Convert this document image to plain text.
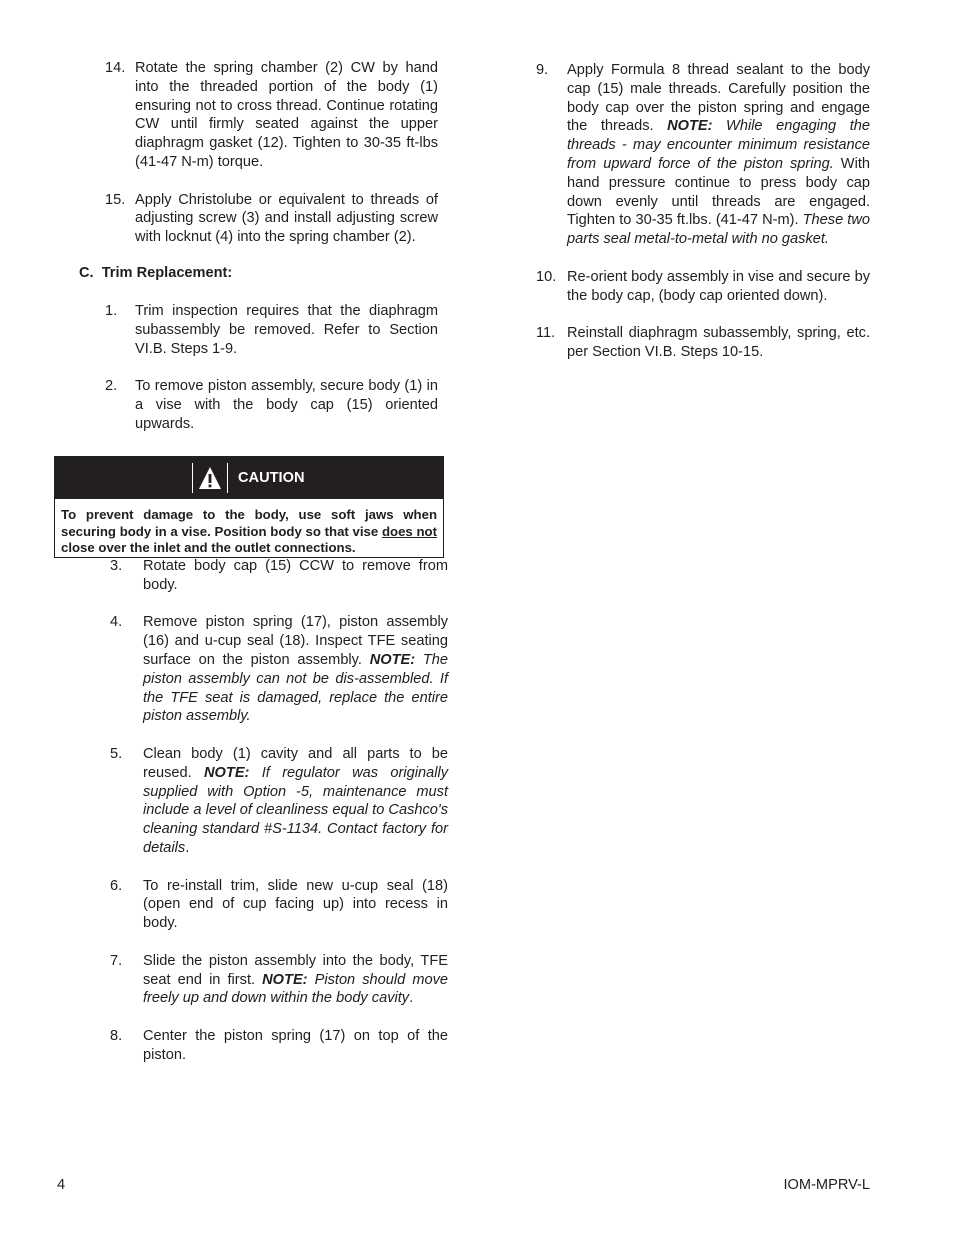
14. Rotate the spring chamber (2) CW by hand into the threaded portion of the body (1) ensuring not to cross thread. Continue rotating CW until firmly seated against the upper diaphragm gasket (12). Tighten to 30-35 ft-lbs (41-47 N-m) torque.
15. Apply Christolube or equivalent to threads of adjusting screw (3) and install adjusting screw with locknut (4) into the spring chamber (2).
C.  Trim Replacement:
1. Trim inspection requires that the diaphragm subassembly be removed. Refer to Section VI.B. Steps 1-9.
2. To remove piston assembly, secure body (1) in a vise with the body cap (15) oriented upwards.
CAUTION
To prevent damage to the body, use soft jaws when securing body in a vise. Position body so that vise does not close over the inlet and the outlet connections.
3. Rotate body cap (15) CCW to remove from body.
4. Remove piston spring (17), piston assembly (16) and u-cup seal (18). Inspect TFE seating surface on the piston assembly. NOTE: The piston assembly can not be dis-assembled. If the TFE seat is damaged, replace the entire piston assembly.
5. Clean body (1) cavity and all parts to be reused. NOTE: If regulator was originally supplied with Option -5, maintenance must include a level of cleanliness equal to Cashco's cleaning standard #S-1134. Contact factory for details.
6. To re-install trim, slide new u-cup seal (18) (open end of cup facing up) into recess in body.
7. Slide the piston assembly into the body, TFE seat end in first. NOTE: Piston should move freely up and down within the body cavity.
8. Center the piston spring (17) on top of the piston.
9. Apply Formula 8 thread sealant to the body cap (15) male threads. Carefully position the body cap over the piston spring and engage the threads. NOTE: While engaging the threads - may encounter minimum resistance from upward force of the piston spring. With hand pressure continue to press body cap down evenly until threads are engaged. Tighten to 30-35 ft.lbs. (41-47 N-m). These two parts seal metal-to-metal with no gasket.
10. Re-orient body assembly in vise and secure by the body cap, (body cap oriented down).
11. Reinstall diaphragm subassembly, spring, etc. per Section VI.B. Steps 10-15.
4	IOM-MPRV-L
